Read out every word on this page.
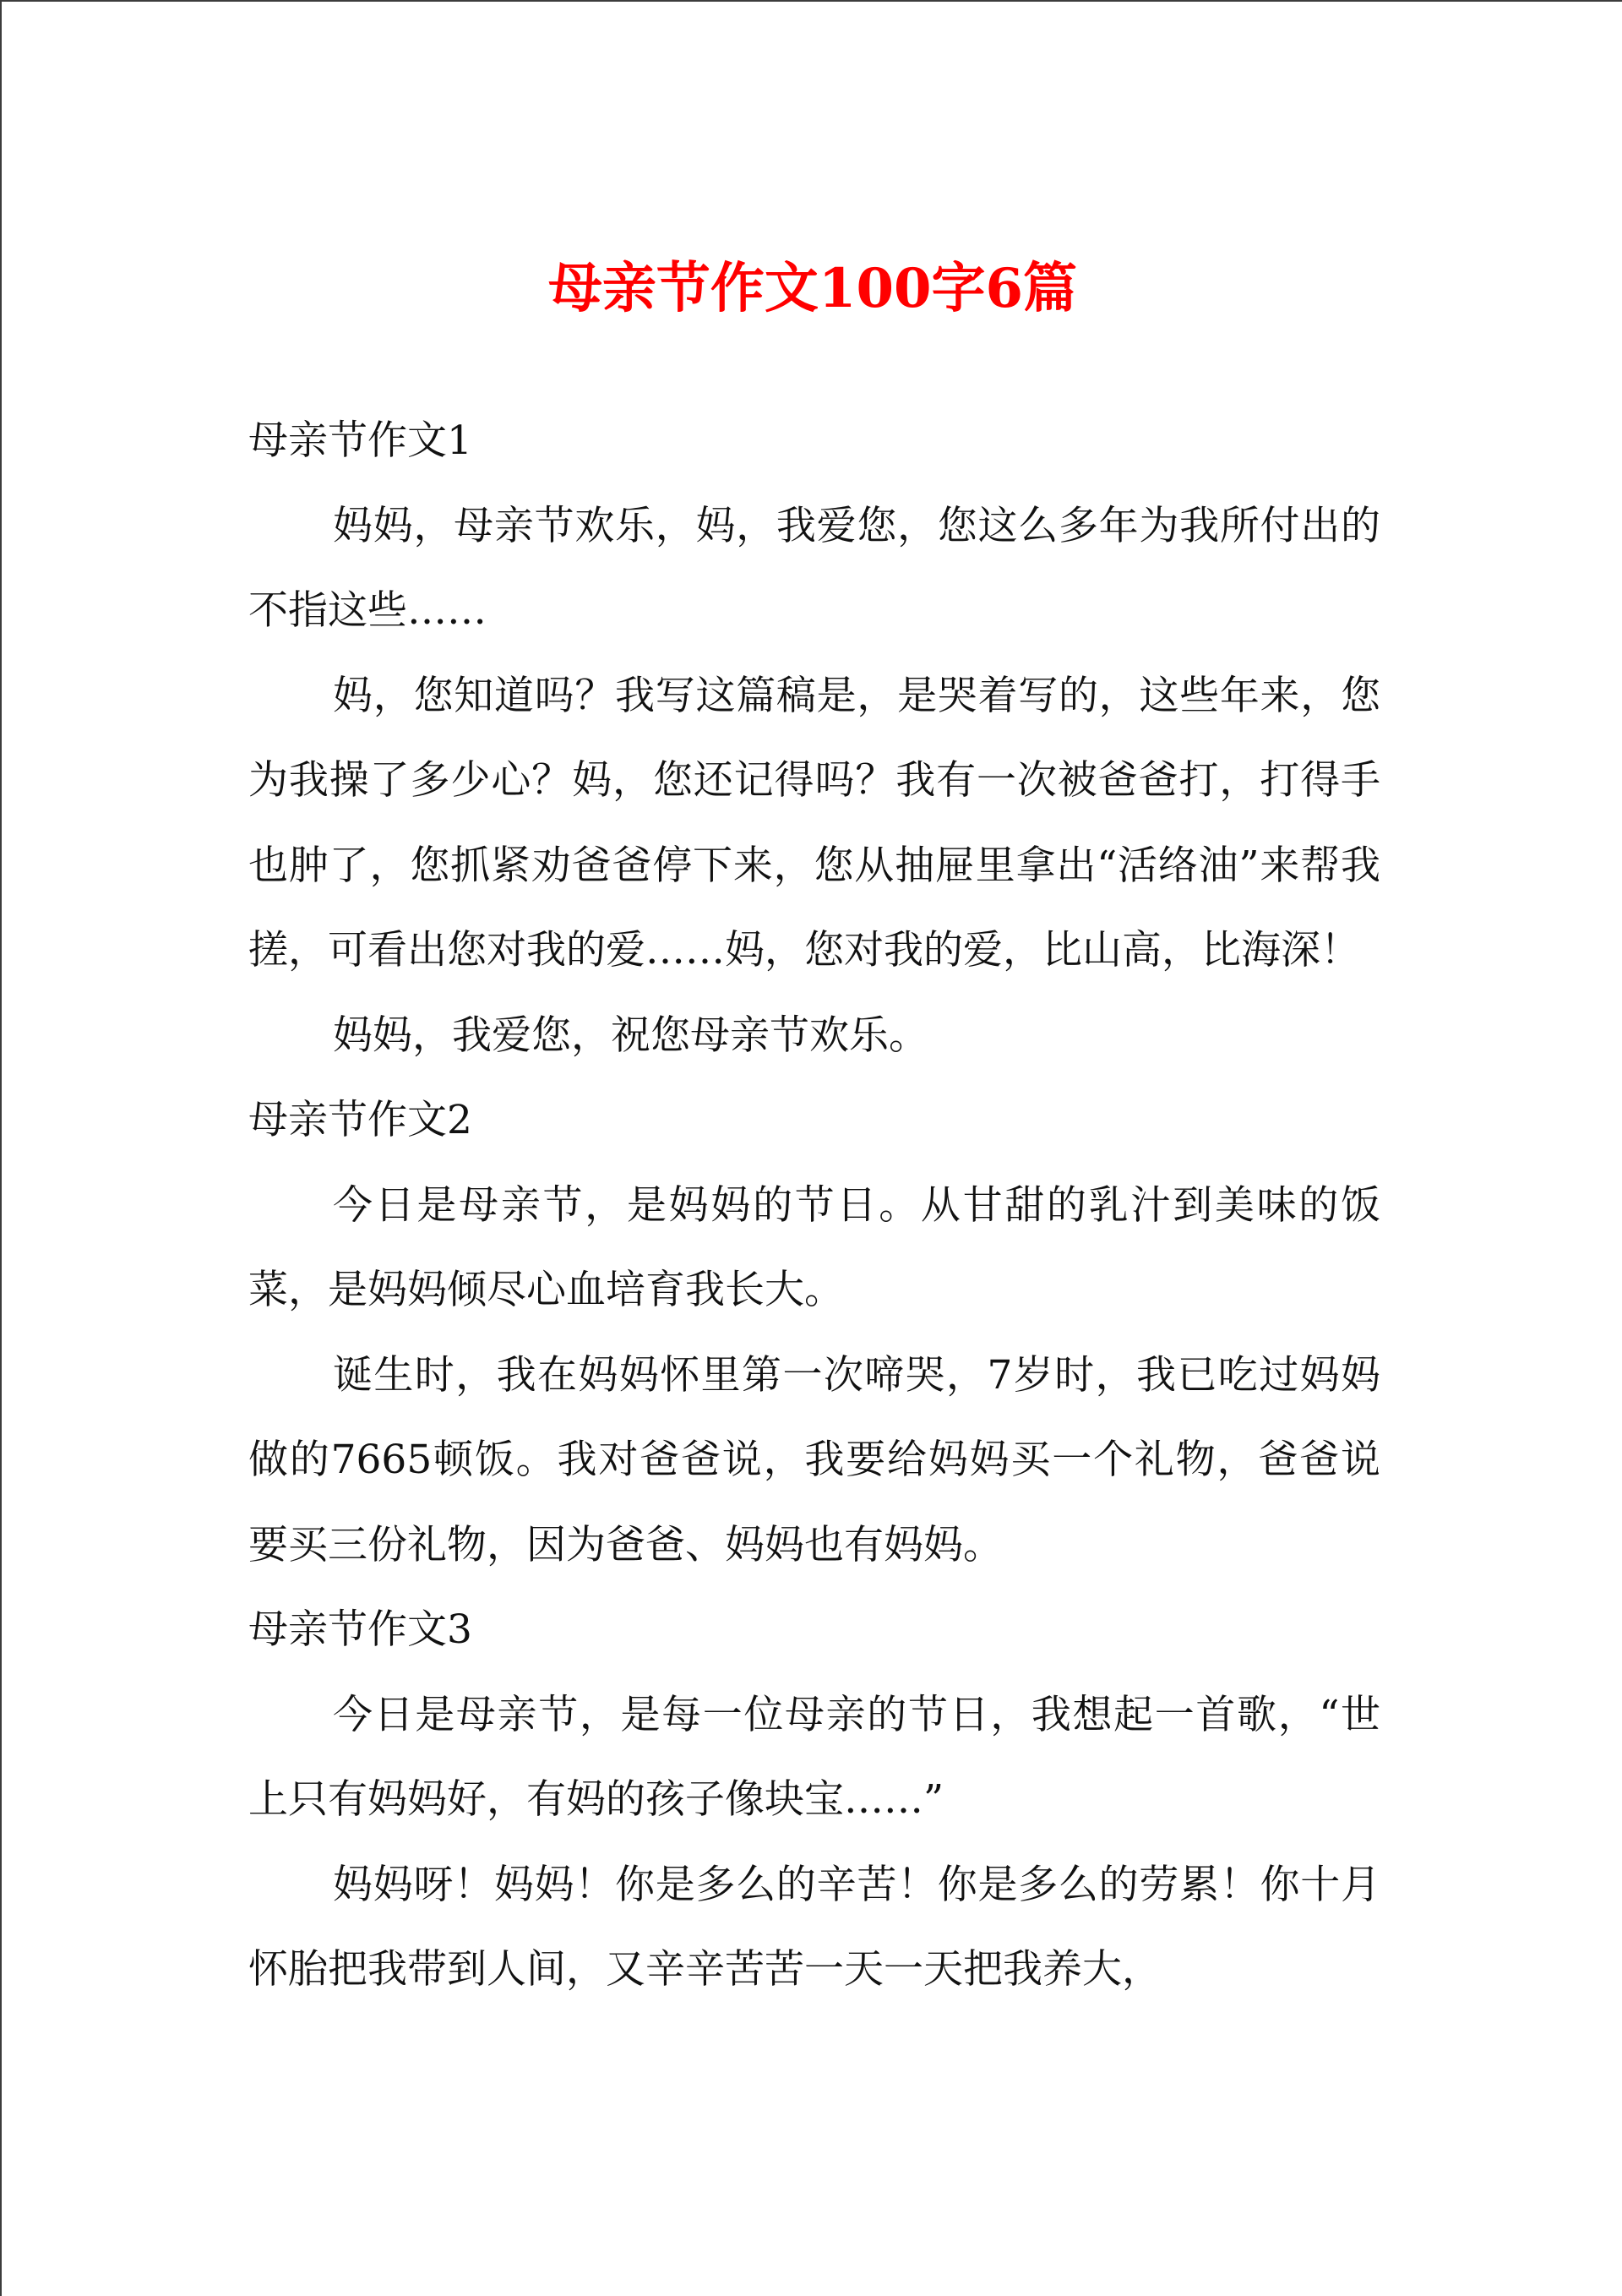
母亲节作文100字6篇

母亲节作文1

妈妈，母亲节欢乐，妈，我爱您，您这么多年为我所付出的不指这些……

妈，您知道吗？我写这篇稿是，是哭着写的，这些年来，您为我操了多少心？妈，您还记得吗？我有一次被爸爸打，打得手也肿了，您抓紧劝爸爸停下来，您从抽屉里拿出“活络油”来帮我搓，可看出您对我的爱……妈，您对我的爱，比山高，比海深！

妈妈，我爱您，祝您母亲节欢乐。

母亲节作文2

今日是母亲节，是妈妈的节日。从甘甜的乳汁到美味的饭菜，是妈妈倾尽心血培育我长大。

诞生时，我在妈妈怀里第一次啼哭，7岁时，我已吃过妈妈做的7665顿饭。我对爸爸说，我要给妈妈买一个礼物，爸爸说要买三份礼物，因为爸爸、妈妈也有妈妈。

母亲节作文3

今日是母亲节，是每一位母亲的节日，我想起一首歌，“世上只有妈妈好，有妈的孩子像块宝……”

妈妈呀！妈妈！你是多么的辛苦！你是多么的劳累！你十月怀胎把我带到人间，又辛辛苦苦一天一天把我养大，
